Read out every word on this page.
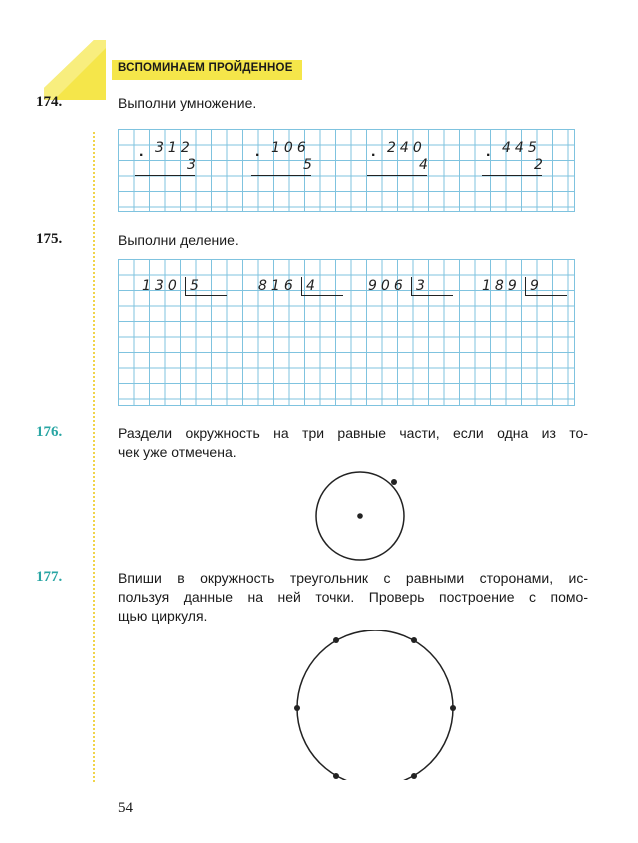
ВСПОМИНАЕМ ПРОЙДЕННОЕ
174.	Выполни умножение.
. 312
3
. 106
5
. 240
4
. 445
2
175.	Выполни деление.
130 5	816 4	906 3	189 9
176.	Раздели окружность на три равные части, если одна из то-
чек уже отмечена.
177.	Впиши в окружность треугольник с равными сторонами, ис-
пользуя данные на ней точки. Проверь построение с помо-
щью циркуля.
54
